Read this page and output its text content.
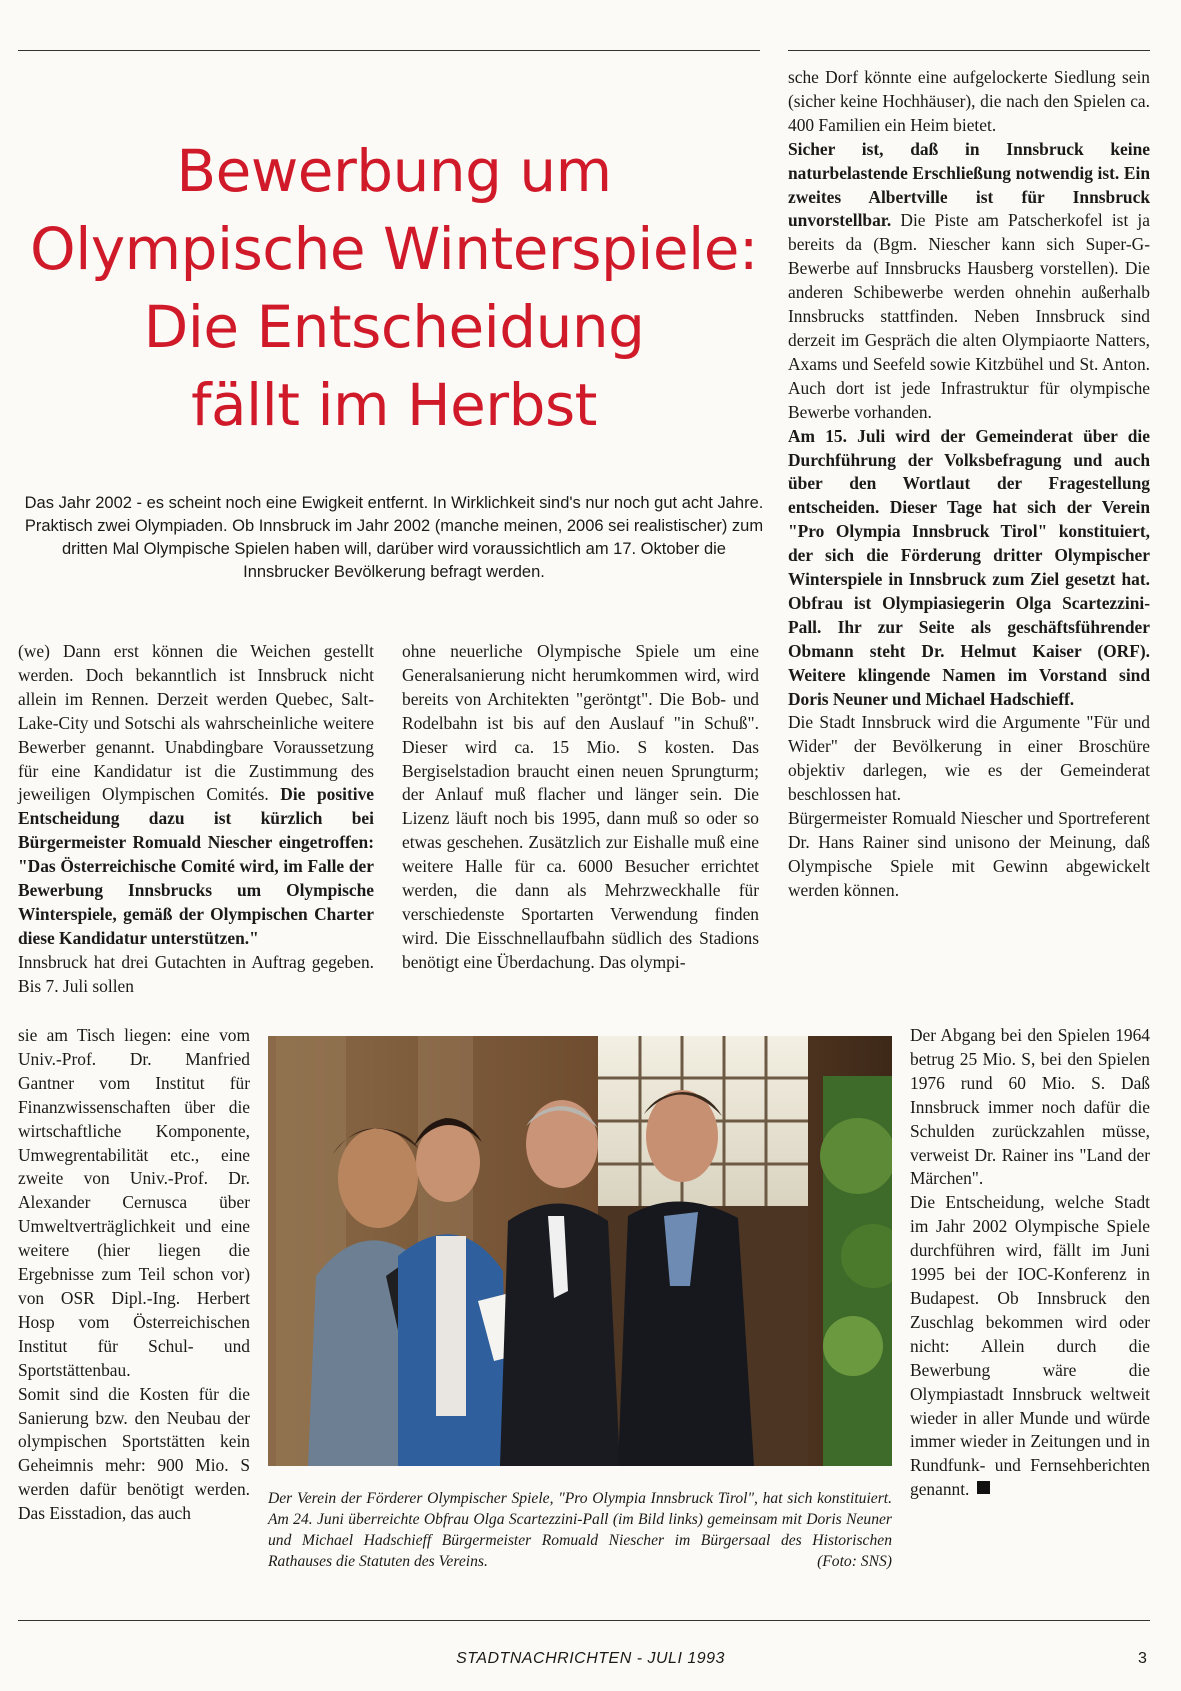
Bewerbung um
Olympische Winterspiele:
Die Entscheidung
fällt im Herbst

Das Jahr 2002 - es scheint noch eine Ewigkeit entfernt. In Wirklichkeit sind's nur noch gut acht Jahre. Praktisch zwei Olympiaden. Ob Innsbruck im Jahr 2002 (manche meinen, 2006 sei realistischer) zum dritten Mal Olympische Spielen haben will, darüber wird voraussichtlich am 17. Oktober die Innsbrucker Bevölkerung befragt werden.

(we) Dann erst können die Weichen gestellt werden. Doch bekanntlich ist Innsbruck nicht allein im Rennen. Derzeit werden Quebec, Salt-Lake-City und Sotschi als wahrscheinliche weitere Bewerber genannt. Unabdingbare Voraussetzung für eine Kandidatur ist die Zustimmung des jeweiligen Olympischen Comités. Die positive Entscheidung dazu ist kürzlich bei Bürgermeister Romuald Niescher eingetroffen: "Das Österreichische Comité wird, im Falle der Bewerbung Innsbrucks um Olympische Winterspiele, gemäß der Olympischen Charter diese Kandidatur unterstützen."

Innsbruck hat drei Gutachten in Auftrag gegeben. Bis 7. Juli sollen

sie am Tisch liegen: eine vom Univ.-Prof. Dr. Manfried Gantner vom Institut für Finanzwissenschaften über die wirtschaftliche Komponente, Umwegrentabilität etc., eine zweite von Univ.-Prof. Dr. Alexander Cernusca über Umweltverträglichkeit und eine weitere (hier liegen die Ergebnisse zum Teil schon vor) von OSR Dipl.-Ing. Herbert Hosp vom Österreichischen Institut für Schul- und Sportstättenbau.

Somit sind die Kosten für die Sanierung bzw. den Neubau der olympischen Sportstätten kein Geheimnis mehr: 900 Mio. S werden dafür benötigt werden. Das Eisstadion, das auch

ohne neuerliche Olympische Spiele um eine Generalsanierung nicht herumkommen wird, wird bereits von Architekten "geröntgt". Die Bob- und Rodelbahn ist bis auf den Auslauf "in Schuß". Dieser wird ca. 15 Mio. S kosten. Das Bergiselstadion braucht einen neuen Sprungturm; der Anlauf muß flacher und länger sein. Die Lizenz läuft noch bis 1995, dann muß so oder so etwas geschehen. Zusätzlich zur Eishalle muß eine weitere Halle für ca. 6000 Besucher errichtet werden, die dann als Mehrzweckhalle für verschiedenste Sportarten Verwendung finden wird. Die Eisschnellaufbahn südlich des Stadions benötigt eine Überdachung. Das olympi-

sche Dorf könnte eine aufgelockerte Siedlung sein (sicher keine Hochhäuser), die nach den Spielen ca. 400 Familien ein Heim bietet.

Sicher ist, daß in Innsbruck keine naturbelastende Erschließung notwendig ist. Ein zweites Albertville ist für Innsbruck unvorstellbar. Die Piste am Patscherkofel ist ja bereits da (Bgm. Niescher kann sich Super-G-Bewerbe auf Innsbrucks Hausberg vorstellen). Die anderen Schibewerbe werden ohnehin außerhalb Innsbrucks stattfinden. Neben Innsbruck sind derzeit im Gespräch die alten Olympiaorte Natters, Axams und Seefeld sowie Kitzbühel und St. Anton. Auch dort ist jede Infrastruktur für olympische Bewerbe vorhanden.

Am 15. Juli wird der Gemeinderat über die Durchführung der Volksbefragung und auch über den Wortlaut der Fragestellung entscheiden. Dieser Tage hat sich der Verein "Pro Olympia Innsbruck Tirol" konstituiert, der sich die Förderung dritter Olympischer Winterspiele in Innsbruck zum Ziel gesetzt hat. Obfrau ist Olympiasiegerin Olga Scartezzini-Pall. Ihr zur Seite als geschäftsführender Obmann steht Dr. Helmut Kaiser (ORF). Weitere klingende Namen im Vorstand sind Doris Neuner und Michael Hadschieff.

Die Stadt Innsbruck wird die Argumente "Für und Wider" der Bevölkerung in einer Broschüre objektiv darlegen, wie es der Gemeinderat beschlossen hat.

Bürgermeister Romuald Niescher und Sportreferent Dr. Hans Rainer sind unisono der Meinung, daß Olympische Spiele mit Gewinn abgewickelt werden können.

Der Abgang bei den Spielen 1964 betrug 25 Mio. S, bei den Spielen 1976 rund 60 Mio. S. Daß Innsbruck immer noch dafür die Schulden zurückzahlen müsse, verweist Dr. Rainer ins "Land der Märchen".

Die Entscheidung, welche Stadt im Jahr 2002 Olympische Spiele durchführen wird, fällt im Juni 1995 bei der IOC-Konferenz in Budapest. Ob Innsbruck den Zuschlag bekommen wird oder nicht: Allein durch die Bewerbung wäre die Olympiastadt Innsbruck weltweit wieder in aller Munde und würde immer wieder in Zeitungen und in Rundfunk- und Fernsehberichten genannt.

Der Verein der Förderer Olympischer Spiele, "Pro Olympia Innsbruck Tirol", hat sich konstituiert. Am 24. Juni überreichte Obfrau Olga Scartezzini-Pall (im Bild links) gemeinsam mit Doris Neuner und Michael Hadschieff Bürgermeister Romuald Niescher im Bürgersaal des Historischen Rathauses die Statuten des Vereins.	(Foto: SNS)

STADTNACHRICHTEN - JULI 1993	3
